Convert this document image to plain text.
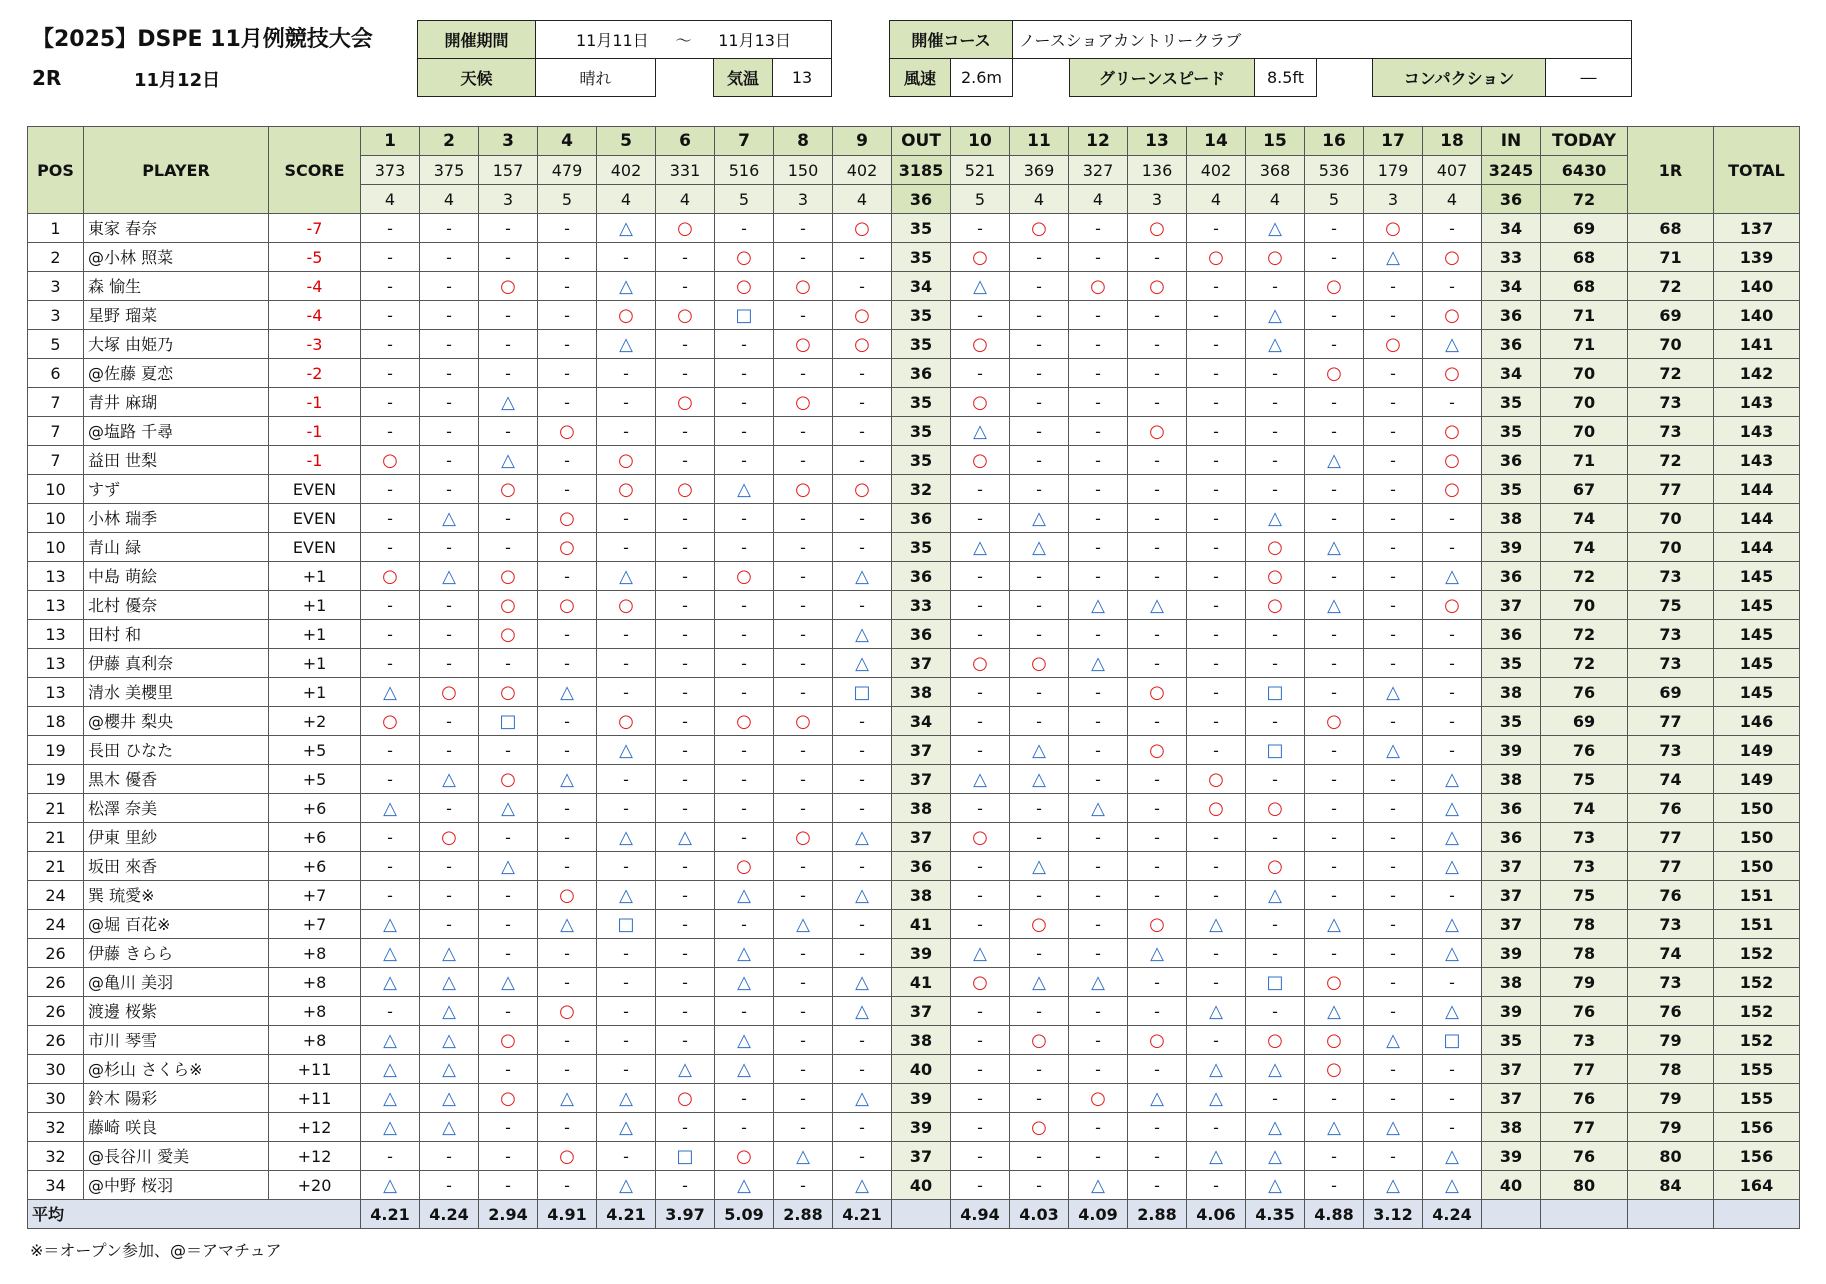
【2025】DSPE 11月例競技大会
2R	11月12日
開催期間	11月11日 ～ 11月13日	開催コース	ノースショアカントリークラブ
天候	晴れ	気温	13	風速	2.6m	グリーンスピード	8.5ft	コンパクション	―
POS	PLAYER	SCORE	1	2	3	4	5	6	7	8	9	OUT	10	11	12	13	14	15	16	17	18	IN	TODAY	1R	TOTAL
			373	375	157	479	402	331	516	150	402	3185	521	369	327	136	402	368	536	179	407	3245	6430		
			4	4	3	5	4	4	5	3	4	36	5	4	4	3	4	4	5	3	4	36	72		
1	東家 春奈	-7	-	-	-	-	△	○	-	-	○	35	-	○	-	○	-	△	-	○	-	34	69	68	137
2	@小林 照菜	-5	-	-	-	-	-	-	○	-	-	35	○	-	-	-	○	○	-	△	○	33	68	71	139
3	森 愉生	-4	-	-	○	-	△	-	○	○	-	34	△	-	○	○	-	-	○	-	-	34	68	72	140
3	星野 瑠菜	-4	-	-	-	-	○	○	□	-	○	35	-	-	-	-	-	△	-	-	○	36	71	69	140
5	大塚 由姫乃	-3	-	-	-	-	△	-	-	○	○	35	○	-	-	-	-	△	-	○	△	36	71	70	141
6	@佐藤 夏恋	-2	-	-	-	-	-	-	-	-	-	36	-	-	-	-	-	-	○	-	○	34	70	72	142
7	青井 麻瑚	-1	-	-	△	-	-	○	-	○	-	35	○	-	-	-	-	-	-	-	-	35	70	73	143
7	@塩路 千尋	-1	-	-	-	○	-	-	-	-	-	35	△	-	-	○	-	-	-	-	○	35	70	73	143
7	益田 世梨	-1	○	-	△	-	○	-	-	-	-	35	○	-	-	-	-	-	△	-	○	36	71	72	143
10	すず	EVEN	-	-	○	-	○	○	△	○	○	32	-	-	-	-	-	-	-	-	○	35	67	77	144
10	小林 瑞季	EVEN	-	△	-	○	-	-	-	-	-	36	-	△	-	-	-	△	-	-	-	38	74	70	144
10	青山 緑	EVEN	-	-	-	○	-	-	-	-	-	35	△	△	-	-	-	○	△	-	-	39	74	70	144
13	中島 萌絵	+1	○	△	○	-	△	-	○	-	△	36	-	-	-	-	-	○	-	-	△	36	72	73	145
13	北村 優奈	+1	-	-	○	○	○	-	-	-	-	33	-	-	△	△	-	○	△	-	○	37	70	75	145
13	田村 和	+1	-	-	○	-	-	-	-	-	△	36	-	-	-	-	-	-	-	-	-	36	72	73	145
13	伊藤 真利奈	+1	-	-	-	-	-	-	-	-	△	37	○	○	△	-	-	-	-	-	-	35	72	73	145
13	清水 美櫻里	+1	△	○	○	△	-	-	-	-	□	38	-	-	-	○	-	□	-	△	-	38	76	69	145
18	@櫻井 梨央	+2	○	-	□	-	○	-	○	○	-	34	-	-	-	-	-	-	○	-	-	35	69	77	146
19	長田 ひなた	+5	-	-	-	-	△	-	-	-	-	37	-	△	-	○	-	□	-	△	-	39	76	73	149
19	黒木 優香	+5	-	△	○	△	-	-	-	-	-	37	△	△	-	-	○	-	-	-	△	38	75	74	149
21	松澤 奈美	+6	△	-	△	-	-	-	-	-	-	38	-	-	△	-	○	○	-	-	△	36	74	76	150
21	伊東 里紗	+6	-	○	-	-	△	△	-	○	△	37	○	-	-	-	-	-	-	-	△	36	73	77	150
21	坂田 來香	+6	-	-	△	-	-	-	○	-	-	36	-	△	-	-	-	○	-	-	△	37	73	77	150
24	巽 琉愛※	+7	-	-	-	○	△	-	△	-	△	38	-	-	-	-	-	△	-	-	-	37	75	76	151
24	@堀 百花※	+7	△	-	-	△	□	-	-	△	-	41	-	○	-	○	△	-	△	-	△	37	78	73	151
26	伊藤 きらら	+8	△	△	-	-	-	-	△	-	-	39	△	-	-	△	-	-	-	-	△	39	78	74	152
26	@亀川 美羽	+8	△	△	△	-	-	-	△	-	△	41	○	△	△	-	-	□	○	-	-	38	79	73	152
26	渡邊 桜紫	+8	-	△	-	○	-	-	-	-	△	37	-	-	-	-	△	-	△	-	△	39	76	76	152
26	市川 琴雪	+8	△	△	○	-	-	-	△	-	-	38	-	○	-	○	-	○	○	△	□	35	73	79	152
30	@杉山 さくら※	+11	△	△	-	-	-	△	△	-	-	40	-	-	-	-	△	△	○	-	-	37	77	78	155
30	鈴木 陽彩	+11	△	△	○	△	△	○	-	-	△	39	-	-	○	△	△	-	-	-	-	37	76	79	155
32	藤崎 咲良	+12	△	△	-	-	△	-	-	-	-	39	-	○	-	-	-	△	△	△	-	38	77	79	156
32	@長谷川 愛美	+12	-	-	-	○	-	□	○	△	-	37	-	-	-	-	△	△	-	-	△	39	76	80	156
34	@中野 桜羽	+20	△	-	-	-	△	-	△	-	△	40	-	-	△	-	-	△	-	△	△	40	80	84	164
平均			4.21	4.24	2.94	4.91	4.21	3.97	5.09	2.88	4.21		4.94	4.03	4.09	2.88	4.06	4.35	4.88	3.12	4.24				
※＝オープン参加、@＝アマチュア
